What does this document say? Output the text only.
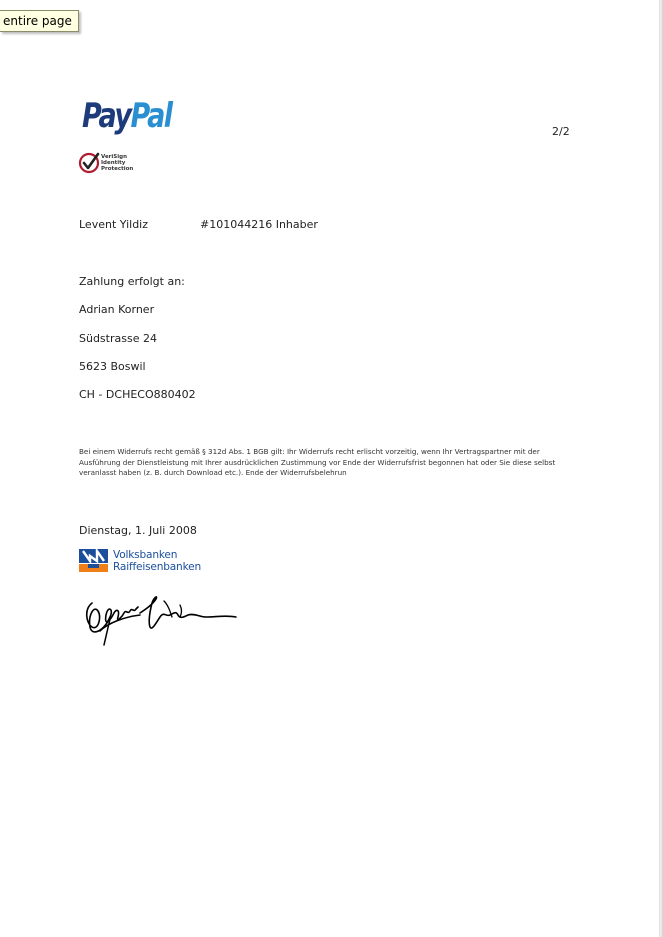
entire page
PayPal	2/2
VeriSign
Identity
Protection
Levent Yildiz	#101044216 Inhaber
Zahlung erfolgt an:
Adrian Korner
Südstrasse 24
5623 Boswil
CH - DCHECO880402
Bei einem Widerrufs recht gemäß § 312d Abs. 1 BGB gilt: Ihr Widerrufs recht erlischt vorzeitig, wenn Ihr Vertragspartner mit der Ausführung der Dienstleistung mit Ihrer ausdrücklichen Zustimmung vor Ende der Widerrufsfrist begonnen hat oder Sie diese selbst veranlasst haben (z. B. durch Download etc.). Ende der Widerrufsbelehrun
Dienstag, 1. Juli 2008
Volksbanken
Raiffeisenbanken
